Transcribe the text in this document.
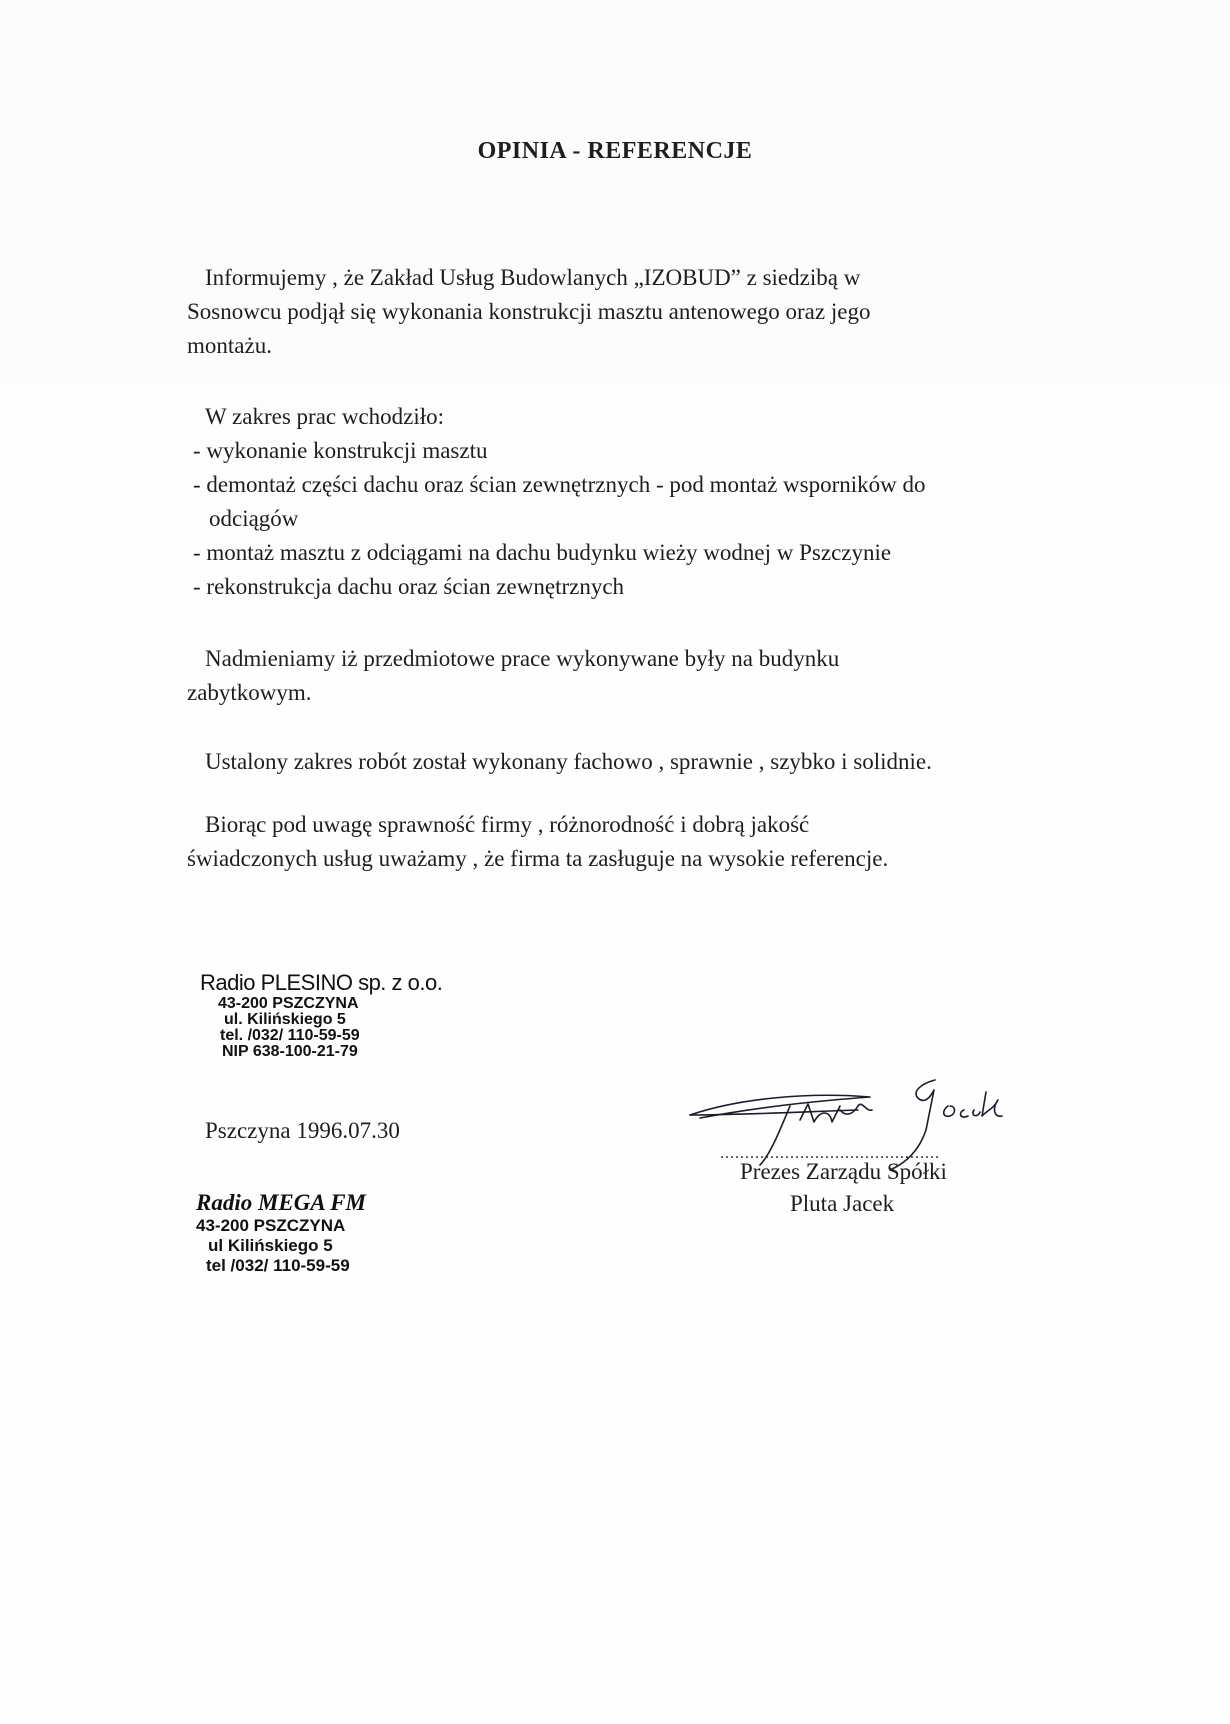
OPINIA - REFERENCJE

Informujemy , że Zakład Usług Budowlanych „IZOBUD” z siedzibą w
Sosnowcu podjął się wykonania konstrukcji masztu antenowego oraz jego
montażu.

W zakres prac wchodziło:
- wykonanie konstrukcji masztu
- demontaż części dachu oraz ścian zewnętrznych - pod montaż wsporników do
odciągów
- montaż masztu z odciągami na dachu budynku wieży wodnej w Pszczynie
- rekonstrukcja dachu oraz ścian zewnętrznych

Nadmieniamy iż przedmiotowe prace wykonywane były na budynku
zabytkowym.

Ustalony zakres robót został wykonany fachowo , sprawnie , szybko i solidnie.

Biorąc pod uwagę sprawność firmy , różnorodność i dobrą jakość
świadczonych usług uważamy , że firma ta zasługuje na wysokie referencje.

Radio PLESINO sp. z o.o.
43-200 PSZCZYNA
ul. Kilińskiego 5
tel. /032/ 110-59-59
NIP 638-100-21-79
Pszczyna 1996.07.30
Radio MEGA FM
43-200 PSZCZYNA
ul Kilińskiego 5
tel /032/ 110-59-59
............................................
Prezes Zarządu Spółki
Pluta Jacek
